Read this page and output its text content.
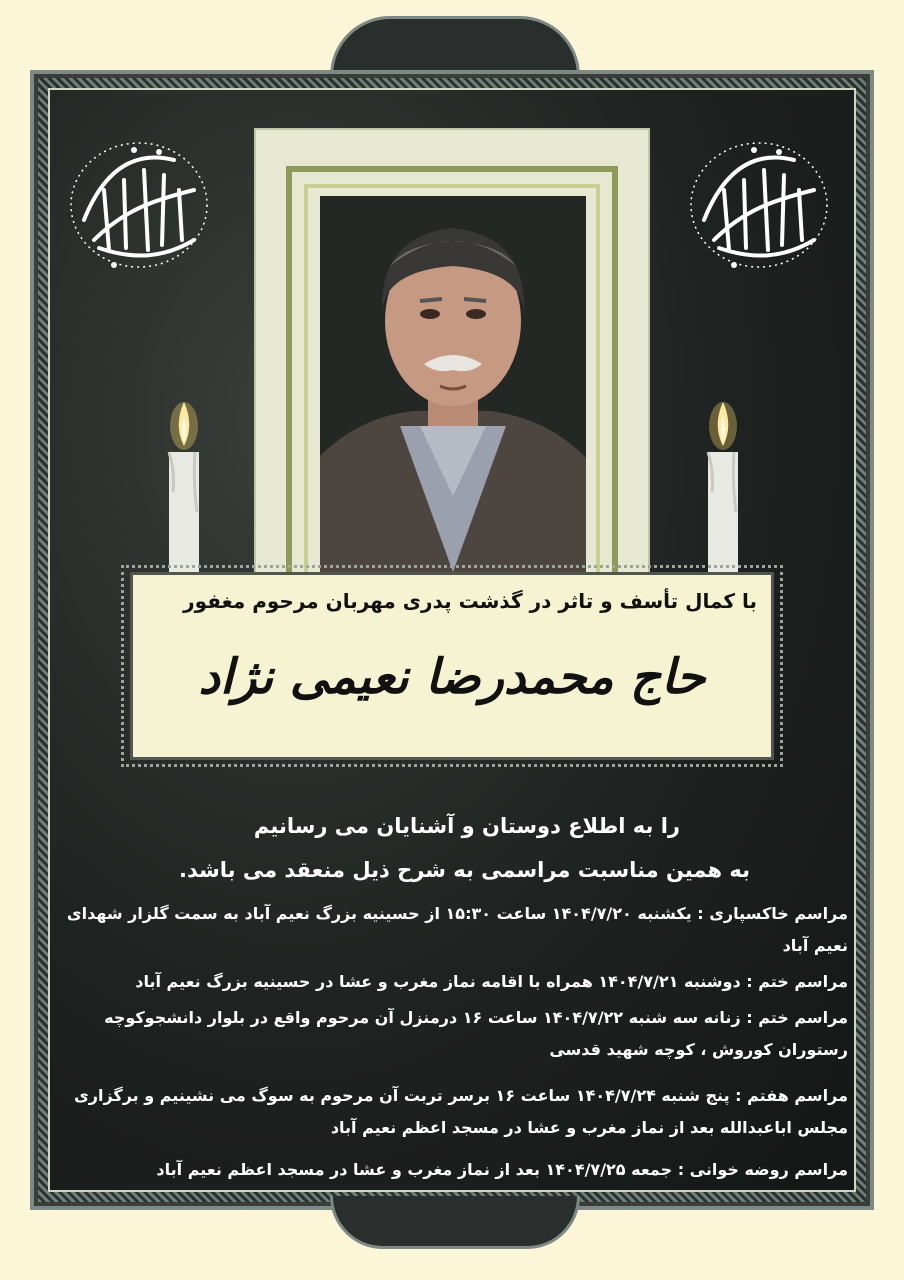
با کمال تأسف و تاثر در گذشت پدری مهربان مرحوم مغفور
حاج محمدرضا نعیمی نژاد
را به اطلاع دوستان و آشنایان می رسانیم
به همین مناسبت مراسمی به شرح ذیل منعقد می باشد.
مراسم خاکسپاری : یکشنبه ۱۴۰۴/۷/۲۰ ساعت ۱۵:۳۰ از حسینیه بزرگ نعیم آباد به سمت گلزار شهدای نعیم آباد
مراسم ختم : دوشنبه ۱۴۰۴/۷/۲۱ همراه با اقامه نماز مغرب و عشا در حسینیه بزرگ نعیم آباد
مراسم ختم : زنانه سه شنبه ۱۴۰۴/۷/۲۲ ساعت ۱۶ درمنزل آن مرحوم واقع در بلوار دانشجوکوچه رستوران کوروش ، کوچه شهید قدسی
مراسم هفتم : پنج شنبه ۱۴۰۴/۷/۲۴ ساعت ۱۶ برسر تربت آن مرحوم به سوگ می نشینیم و برگزاری مجلس اباعبدالله بعد از نماز مغرب و عشا در مسجد اعظم نعیم آباد
مراسم روضه خوانی : جمعه ۱۴۰۴/۷/۲۵ بعد از نماز مغرب و عشا در مسجد اعظم نعیم آباد
